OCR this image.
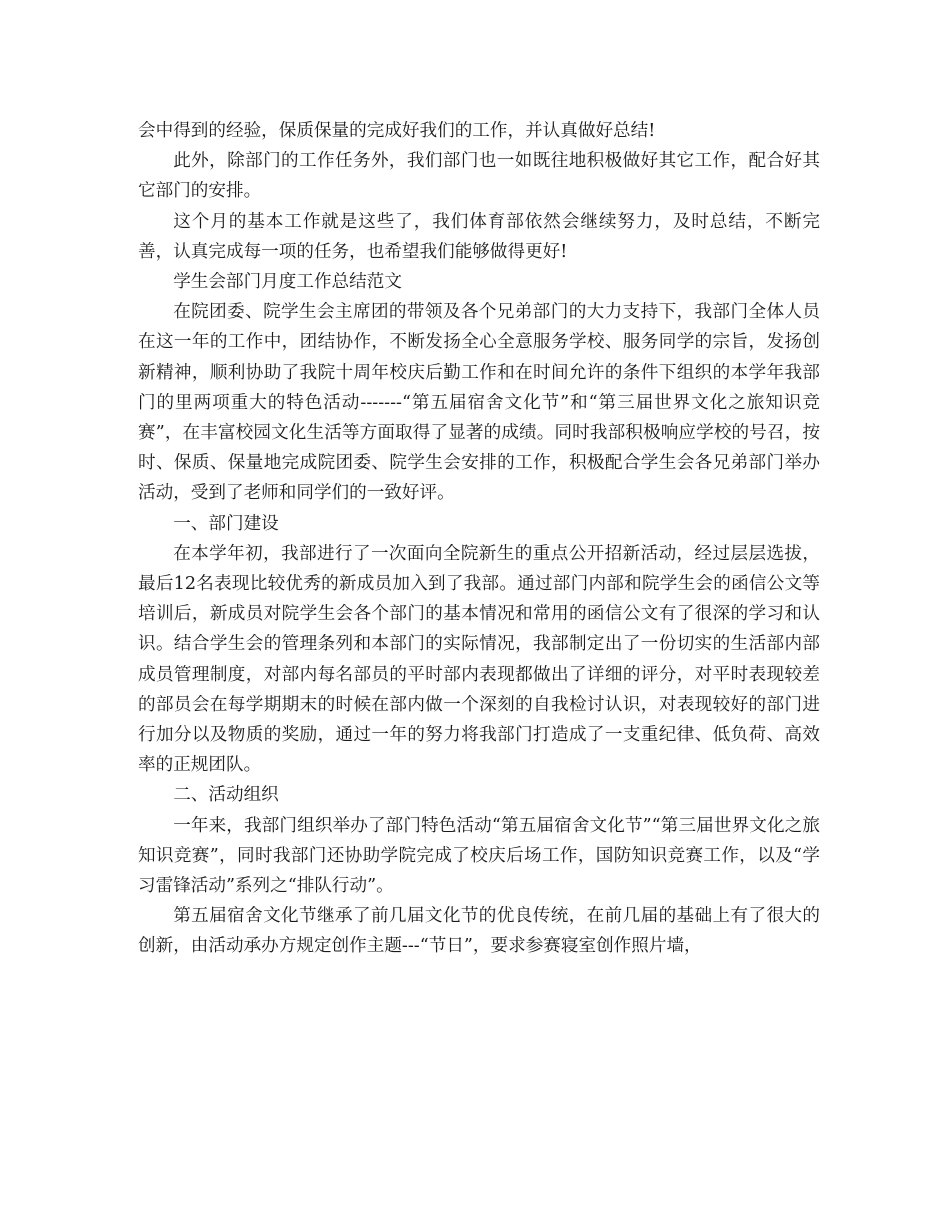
会中得到的经验，保质保量的完成好我们的工作，并认真做好总结!

此外，除部门的工作任务外，我们部门也一如既往地积极做好其它工作，配合好其它部门的安排。

这个月的基本工作就是这些了，我们体育部依然会继续努力，及时总结，不断完善，认真完成每一项的任务，也希望我们能够做得更好!

学生会部门月度工作总结范文

在院团委、院学生会主席团的带领及各个兄弟部门的大力支持下，我部门全体人员在这一年的工作中，团结协作，不断发扬全心全意服务学校、服务同学的宗旨，发扬创新精神，顺利协助了我院十周年校庆后勤工作和在时间允许的条件下组织的本学年我部门的里两项重大的特色活动-------“第五届宿舍文化节”和“第三届世界文化之旅知识竞赛”，在丰富校园文化生活等方面取得了显著的成绩。同时我部积极响应学校的号召，按时、保质、保量地完成院团委、院学生会安排的工作，积极配合学生会各兄弟部门举办活动，受到了老师和同学们的一致好评。

一、部门建设

在本学年初，我部进行了一次面向全院新生的重点公开招新活动，经过层层选拔，最后12名表现比较优秀的新成员加入到了我部。通过部门内部和院学生会的函信公文等培训后，新成员对院学生会各个部门的基本情况和常用的函信公文有了很深的学习和认识。结合学生会的管理条列和本部门的实际情况，我部制定出了一份切实的生活部内部成员管理制度，对部内每名部员的平时部内表现都做出了详细的评分，对平时表现较差的部员会在每学期期末的时候在部内做一个深刻的自我检讨认识，对表现较好的部门进行加分以及物质的奖励，通过一年的努力将我部门打造成了一支重纪律、低负荷、高效率的正规团队。

二、活动组织

一年来，我部门组织举办了部门特色活动“第五届宿舍文化节”“第三届世界文化之旅知识竞赛”，同时我部门还协助学院完成了校庆后场工作，国防知识竞赛工作，以及“学习雷锋活动”系列之“排队行动”。

第五届宿舍文化节继承了前几届文化节的优良传统，在前几届的基础上有了很大的创新，由活动承办方规定创作主题---“节日”，要求参赛寝室创作照片墙，
